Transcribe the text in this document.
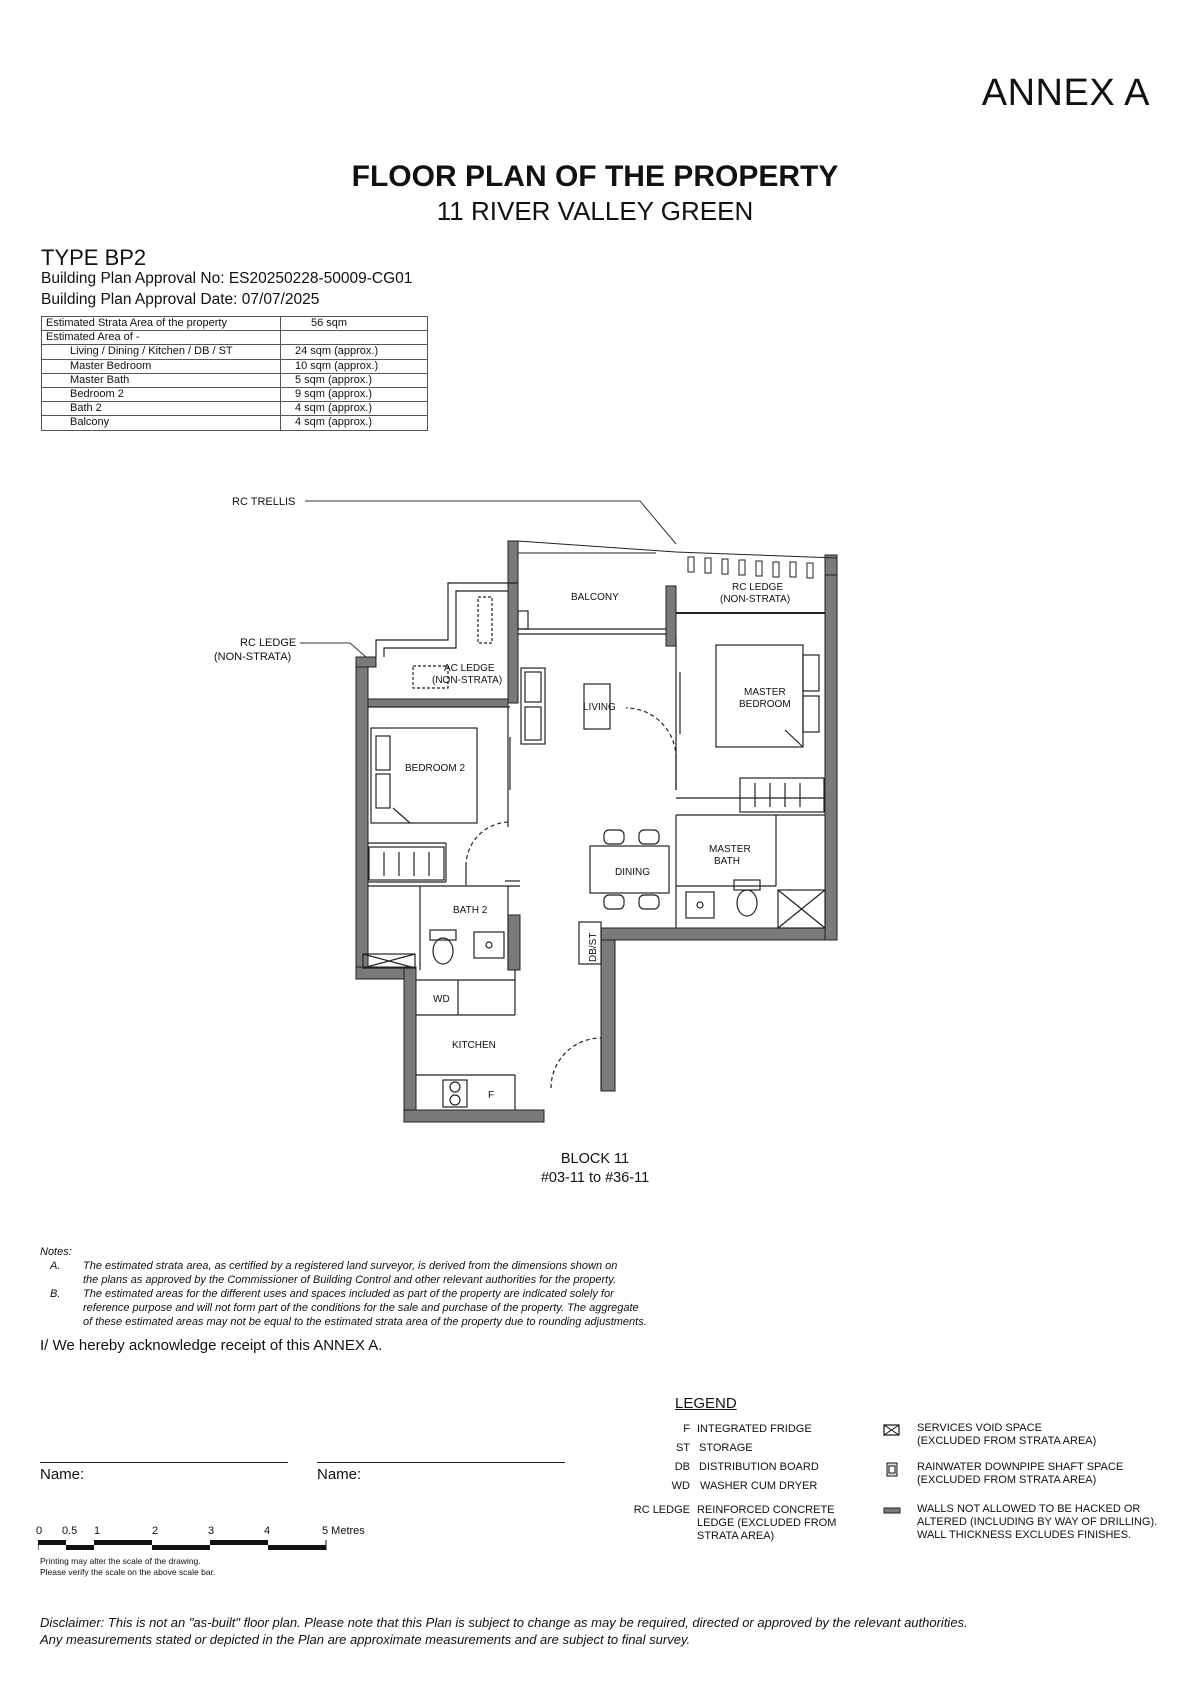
ANNEX A
FLOOR PLAN OF THE PROPERTY
11 RIVER VALLEY GREEN
TYPE BP2
Building Plan Approval No: ES20250228-50009-CG01
Building Plan Approval Date: 07/07/2025
Estimated Strata Area of the property	56 sqm
Estimated Area of -	
Living / Dining / Kitchen / DB / ST	24 sqm (approx.)
Master Bedroom	10 sqm (approx.)
Master Bath	5 sqm (approx.)
Bedroom 2	9 sqm (approx.)
Bath 2	4 sqm (approx.)
Balcony	4 sqm (approx.)
RC TRELLIS
RC LEDGE
(NON-STRATA)
BALCONY
RC LEDGE
(NON-STRATA)
AC LEDGE
(NON-STRATA)
LIVING
MASTER
BEDROOM
BEDROOM 2
MASTER
BATH
DINING
BATH 2
DB/ST
WD
KITCHEN
F
BLOCK 11
#03-11 to #36-11
Notes:
A. The estimated strata area, as certified by a registered land surveyor, is derived from the dimensions shown on
the plans as approved by the Commissioner of Building Control and other relevant authorities for the property.
B. The estimated areas for the different uses and spaces included as part of the property are indicated solely for
reference purpose and will not form part of the conditions for the sale and purchase of the property. The aggregate
of these estimated areas may not be equal to the estimated strata area of the property due to rounding adjustments.
I/ We hereby acknowledge receipt of this ANNEX A.
Name:	Name:
0 0.5 1	2	3	4	5 Metres
Printing may alter the scale of the drawing.
Please verify the scale on the above scale bar.
LEGEND
F INTEGRATED FRIDGE
ST STORAGE
DB DISTRIBUTION BOARD
WD WASHER CUM DRYER
RC LEDGE REINFORCED CONCRETE
LEDGE (EXCLUDED FROM
STRATA AREA)
SERVICES VOID SPACE
(EXCLUDED FROM STRATA AREA)
RAINWATER DOWNPIPE SHAFT SPACE
(EXCLUDED FROM STRATA AREA)
WALLS NOT ALLOWED TO BE HACKED OR
ALTERED (INCLUDING BY WAY OF DRILLING).
WALL THICKNESS EXCLUDES FINISHES.
Disclaimer: This is not an "as-built" floor plan. Please note that this Plan is subject to change as may be required, directed or approved by the relevant authorities.
Any measurements stated or depicted in the Plan are approximate measurements and are subject to final survey.
